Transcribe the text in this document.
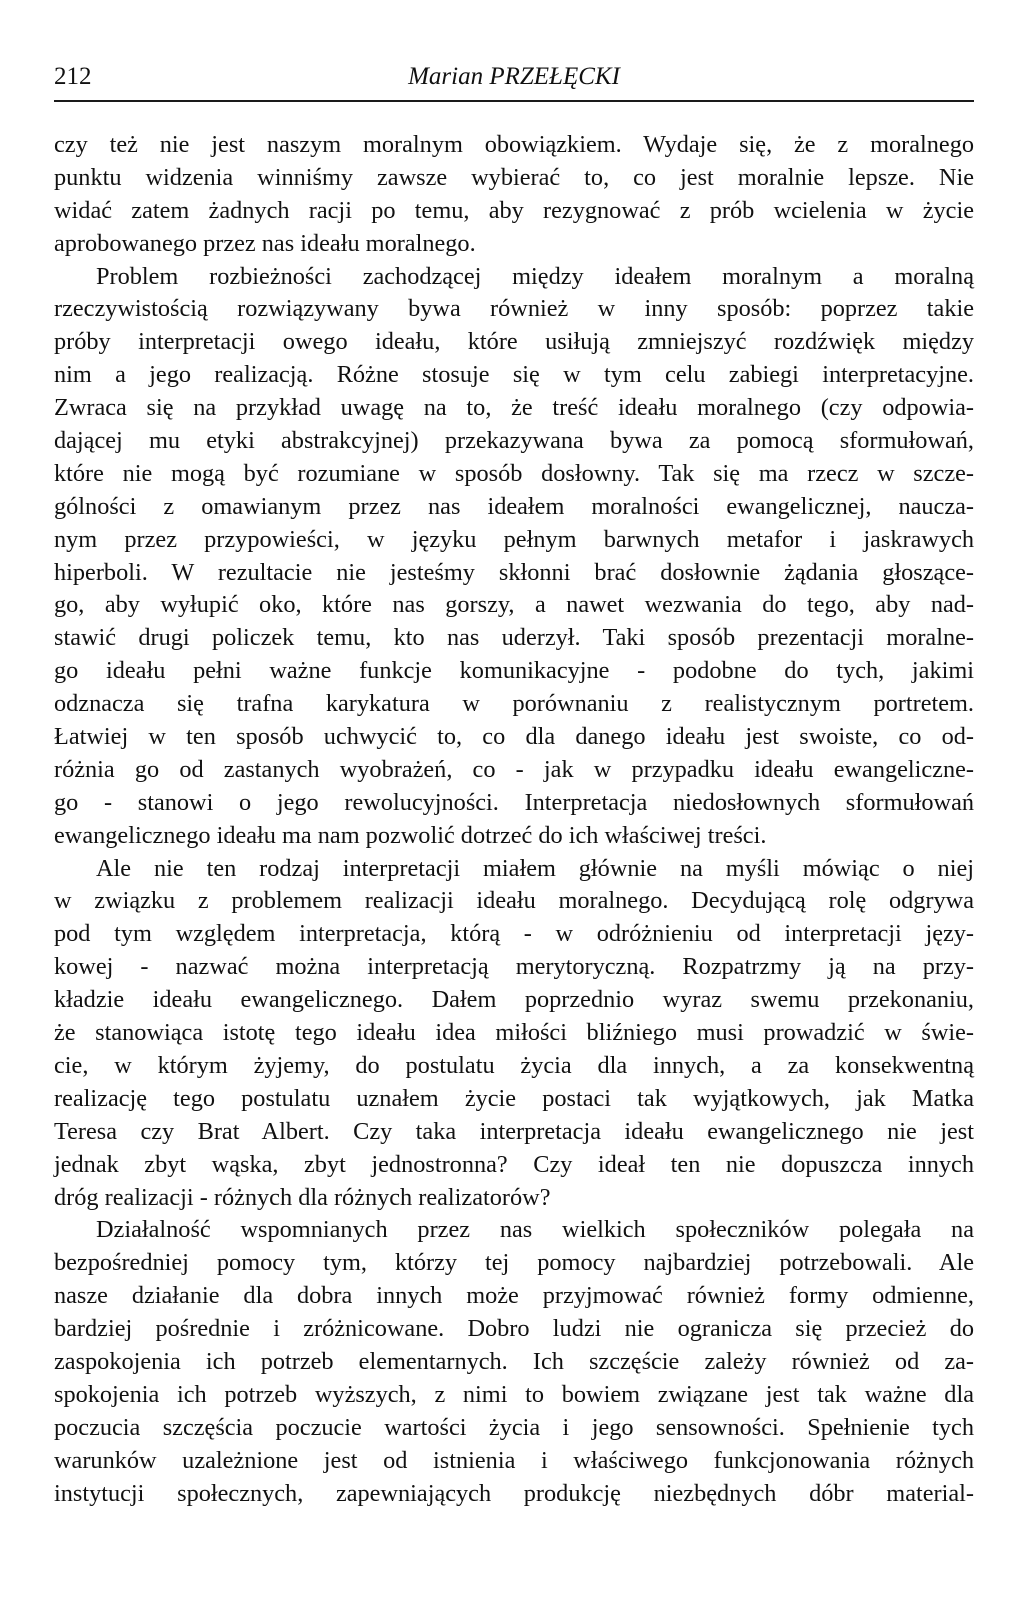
212	Marian PRZEŁĘCKI
czy też nie jest naszym moralnym obowiązkiem. Wydaje się, że z moralnego
punktu widzenia winniśmy zawsze wybierać to, co jest moralnie lepsze. Nie
widać zatem żadnych racji po temu, aby rezygnować z prób wcielenia w życie
aprobowanego przez nas ideału moralnego.
Problem rozbieżności zachodzącej między ideałem moralnym a moralną
rzeczywistością rozwiązywany bywa również w inny sposób: poprzez takie
próby interpretacji owego ideału, które usiłują zmniejszyć rozdźwięk między
nim a jego realizacją. Różne stosuje się w tym celu zabiegi interpretacyjne.
Zwraca się na przykład uwagę na to, że treść ideału moralnego (czy odpowia-
dającej mu etyki abstrakcyjnej) przekazywana bywa za pomocą sformułowań,
które nie mogą być rozumiane w sposób dosłowny. Tak się ma rzecz w szcze-
gólności z omawianym przez nas ideałem moralności ewangelicznej, naucza-
nym przez przypowieści, w języku pełnym barwnych metafor i jaskrawych
hiperboli. W rezultacie nie jesteśmy skłonni brać dosłownie żądania głoszące-
go, aby wyłupić oko, które nas gorszy, a nawet wezwania do tego, aby nad-
stawić drugi policzek temu, kto nas uderzył. Taki sposób prezentacji moralne-
go ideału pełni ważne funkcje komunikacyjne - podobne do tych, jakimi
odznacza się trafna karykatura w porównaniu z realistycznym portretem.
Łatwiej w ten sposób uchwycić to, co dla danego ideału jest swoiste, co od-
różnia go od zastanych wyobrażeń, co - jak w przypadku ideału ewangeliczne-
go - stanowi o jego rewolucyjności. Interpretacja niedosłownych sformułowań
ewangelicznego ideału ma nam pozwolić dotrzeć do ich właściwej treści.
Ale nie ten rodzaj interpretacji miałem głównie na myśli mówiąc o niej
w związku z problemem realizacji ideału moralnego. Decydującą rolę odgrywa
pod tym względem interpretacja, którą - w odróżnieniu od interpretacji języ-
kowej - nazwać można interpretacją merytoryczną. Rozpatrzmy ją na przy-
kładzie ideału ewangelicznego. Dałem poprzednio wyraz swemu przekonaniu,
że stanowiąca istotę tego ideału idea miłości bliźniego musi prowadzić w świe-
cie, w którym żyjemy, do postulatu życia dla innych, a za konsekwentną
realizację tego postulatu uznałem życie postaci tak wyjątkowych, jak Matka
Teresa czy Brat Albert. Czy taka interpretacja ideału ewangelicznego nie jest
jednak zbyt wąska, zbyt jednostronna? Czy ideał ten nie dopuszcza innych
dróg realizacji - różnych dla różnych realizatorów?
Działalność wspomnianych przez nas wielkich społeczników polegała na
bezpośredniej pomocy tym, którzy tej pomocy najbardziej potrzebowali. Ale
nasze działanie dla dobra innych może przyjmować również formy odmienne,
bardziej pośrednie i zróżnicowane. Dobro ludzi nie ogranicza się przecież do
zaspokojenia ich potrzeb elementarnych. Ich szczęście zależy również od za-
spokojenia ich potrzeb wyższych, z nimi to bowiem związane jest tak ważne dla
poczucia szczęścia poczucie wartości życia i jego sensowności. Spełnienie tych
warunków uzależnione jest od istnienia i właściwego funkcjonowania różnych
instytucji społecznych, zapewniających produkcję niezbędnych dóbr material-
